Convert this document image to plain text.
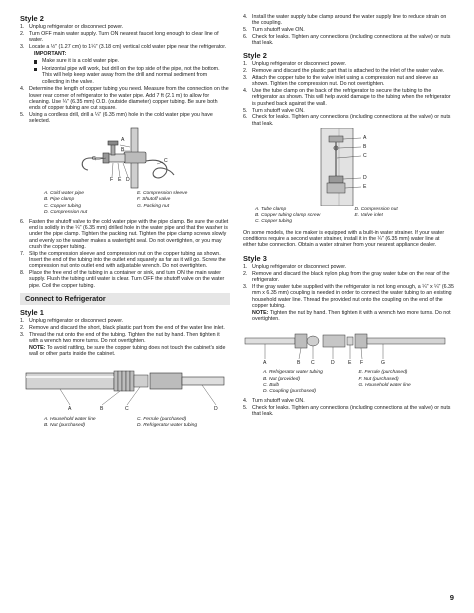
Style 2
1. Unplug refrigerator or disconnect power.
2. Turn OFF main water supply. Turn ON nearest faucet long enough to clear line of water.
3. Locate a ½" (1.27 cm) to 1¼" (3.18 cm) vertical cold water pipe near the refrigerator.
IMPORTANT:
Make sure it is a cold water pipe.
Horizontal pipe will work, but drill on the top side of the pipe, not the bottom. This will help keep water away from the drill and normal sediment from collecting in the valve.
4. Determine the length of copper tubing you need. Measure from the connection on the lower rear corner of refrigerator to the water pipe. Add 7 ft (2.1 m) to allow for cleaning. Use ¼" (6.35 mm) O.D. (outside diameter) copper tubing. Be sure both ends of copper tubing are cut square.
5. Using a cordless drill, drill a ¼" (6.35 mm) hole in the cold water pipe you have selected.
A
B
C
D
E
F
G
A. Cold water pipe	E. Compression sleeve
B. Pipe clamp	F. Shutoff valve
C. Copper tubing	G. Packing nut
D. Compression nut
6. Fasten the shutoff valve to the cold water pipe with the pipe clamp. Be sure the outlet end is solidly in the ¼" (6.35 mm) drilled hole in the water pipe and that the washer is under the pipe clamp. Tighten the packing nut. Tighten the pipe clamp screws slowly and evenly so the washer makes a watertight seal. Do not overtighten, or you may crush the copper tubing.
7. Slip the compression sleeve and compression nut on the copper tubing as shown. Insert the end of the tubing into the outlet end squarely as far as it will go. Screw the compression nut onto outlet end with adjustable wrench. Do not overtighten.
8. Place the free end of the tubing in a container or sink, and turn ON the main water supply. Flush the tubing until water is clear. Turn OFF the shutoff valve on the water pipe. Coil the copper tubing.
Connect to Refrigerator
Style 1
1. Unplug refrigerator or disconnect power.
2. Remove and discard the short, black plastic part from the end of the water line inlet.
3. Thread the nut onto the end of the tubing. Tighten the nut by hand. Then tighten it with a wrench two more turns. Do not overtighten.
NOTE: To avoid rattling, be sure the copper tubing does not touch the cabinet's side wall or other parts inside the cabinet.
A	B	C	D
A. Household water line	C. Ferrule (purchased)
B. Nut (purchased)	D. Refrigerator water tubing
4. Install the water supply tube clamp around the water supply line to reduce strain on the coupling.
5. Turn shutoff valve ON.
6. Check for leaks. Tighten any connections (including connections at the valve) or nuts that leak.
Style 2
1. Unplug refrigerator or disconnect power.
2. Remove and discard the plastic part that is attached to the inlet of the water valve.
3. Attach the copper tube to the valve inlet using a compression nut and sleeve as shown. Tighten the compression nut. Do not overtighten.
4. Use the tube clamp on the back of the refrigerator to secure the tubing to the refrigerator as shown. This will help avoid damage to the tubing when the refrigerator is pushed back against the wall.
5. Turn shutoff valve ON.
6. Check for leaks. Tighten any connections (including connections at the valve) or nuts that leak.
A
B
C
D
E
A. Tube clamp	D. Compression nut
B. Copper tubing clamp screw	E. Valve inlet
C. Copper tubing
On some models, the ice maker is equipped with a built-in water strainer. If your water conditions require a second water strainer, install it in the ¼" (6.35 mm) water line at either tube connection. Obtain a water strainer from your nearest appliance dealer.
Style 3
1. Unplug refrigerator or disconnect power.
2. Remove and discard the black nylon plug from the gray water tube on the rear of the refrigerator.
3. If the gray water tube supplied with the refrigerator is not long enough, a ¼" x ¼" (6.35 mm x 6.35 mm) coupling is needed in order to connect the water tubing to an existing household water line. Thread the provided nut onto the coupling on the end of the copper tubing.
NOTE: Tighten the nut by hand. Then tighten it with a wrench two more turns. Do not overtighten.
A	B C	D	E F	G
A. Refrigerator water tubing	E. Ferrule (purchased)
B. Nut (provided)	F. Nut (purchased)
C. Bulb	G. Household water line
D. Coupling (purchased)
4. Turn shutoff valve ON.
5. Check for leaks. Tighten any connections (including connections at the valve) or nuts that leak.
9
